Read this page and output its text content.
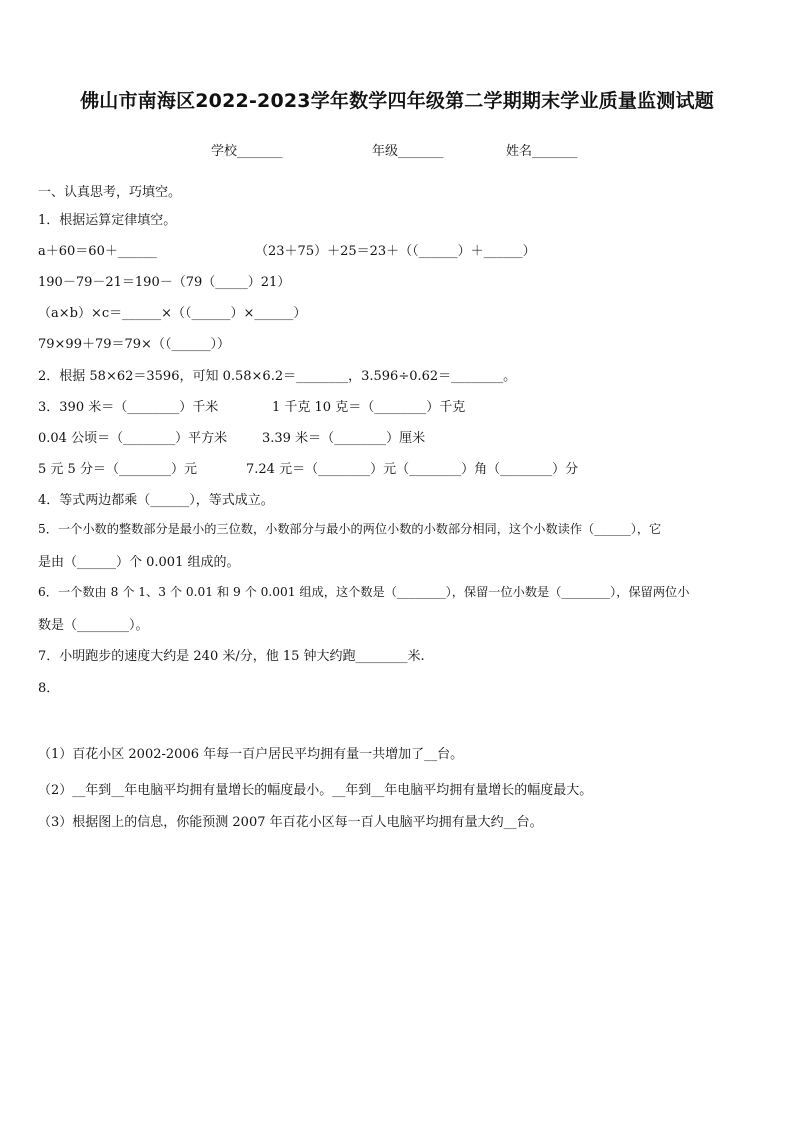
佛山市南海区2022-2023学年数学四年级第二学期期末学业质量监测试题
学校_______	年级_______	姓名_______
一、认真思考，巧填空。
1．根据运算定律填空。
a＋60＝60＋______	（23＋75）＋25＝23＋（（______）＋______）
190－79－21＝190－（79（_____）21）
（a×b）×c＝______×（（______）×______）
79×99＋79＝79×（（______））
2．根据 58×62＝3596，可知 0.58×6.2＝________，3.596÷0.62＝________。
3．390 米＝（________）千米	1 千克 10 克＝（________）千克
0.04 公顷＝（________）平方米	3.39 米＝（________）厘米
5 元 5 分＝（________）元	7.24 元＝（________）元（________）角（________）分
4．等式两边都乘（______），等式成立。
5．一个小数的整数部分是最小的三位数，小数部分与最小的两位小数的小数部分相同，这个小数读作（______），它
是由（______）个 0.001 组成的。
6．一个数由 8 个 1、3 个 0.01 和 9 个 0.001 组成，这个数是（________），保留一位小数是（________），保留两位小
数是（________）。
7．小明跑步的速度大约是 240 米/分，他 15 钟大约跑________米.
8．
（1）百花小区 2002-2006 年每一百户居民平均拥有量一共增加了__台。
（2）__年到__年电脑平均拥有量增长的幅度最小。__年到__年电脑平均拥有量增长的幅度最大。
（3）根据图上的信息，你能预测 2007 年百花小区每一百人电脑平均拥有量大约__台。
